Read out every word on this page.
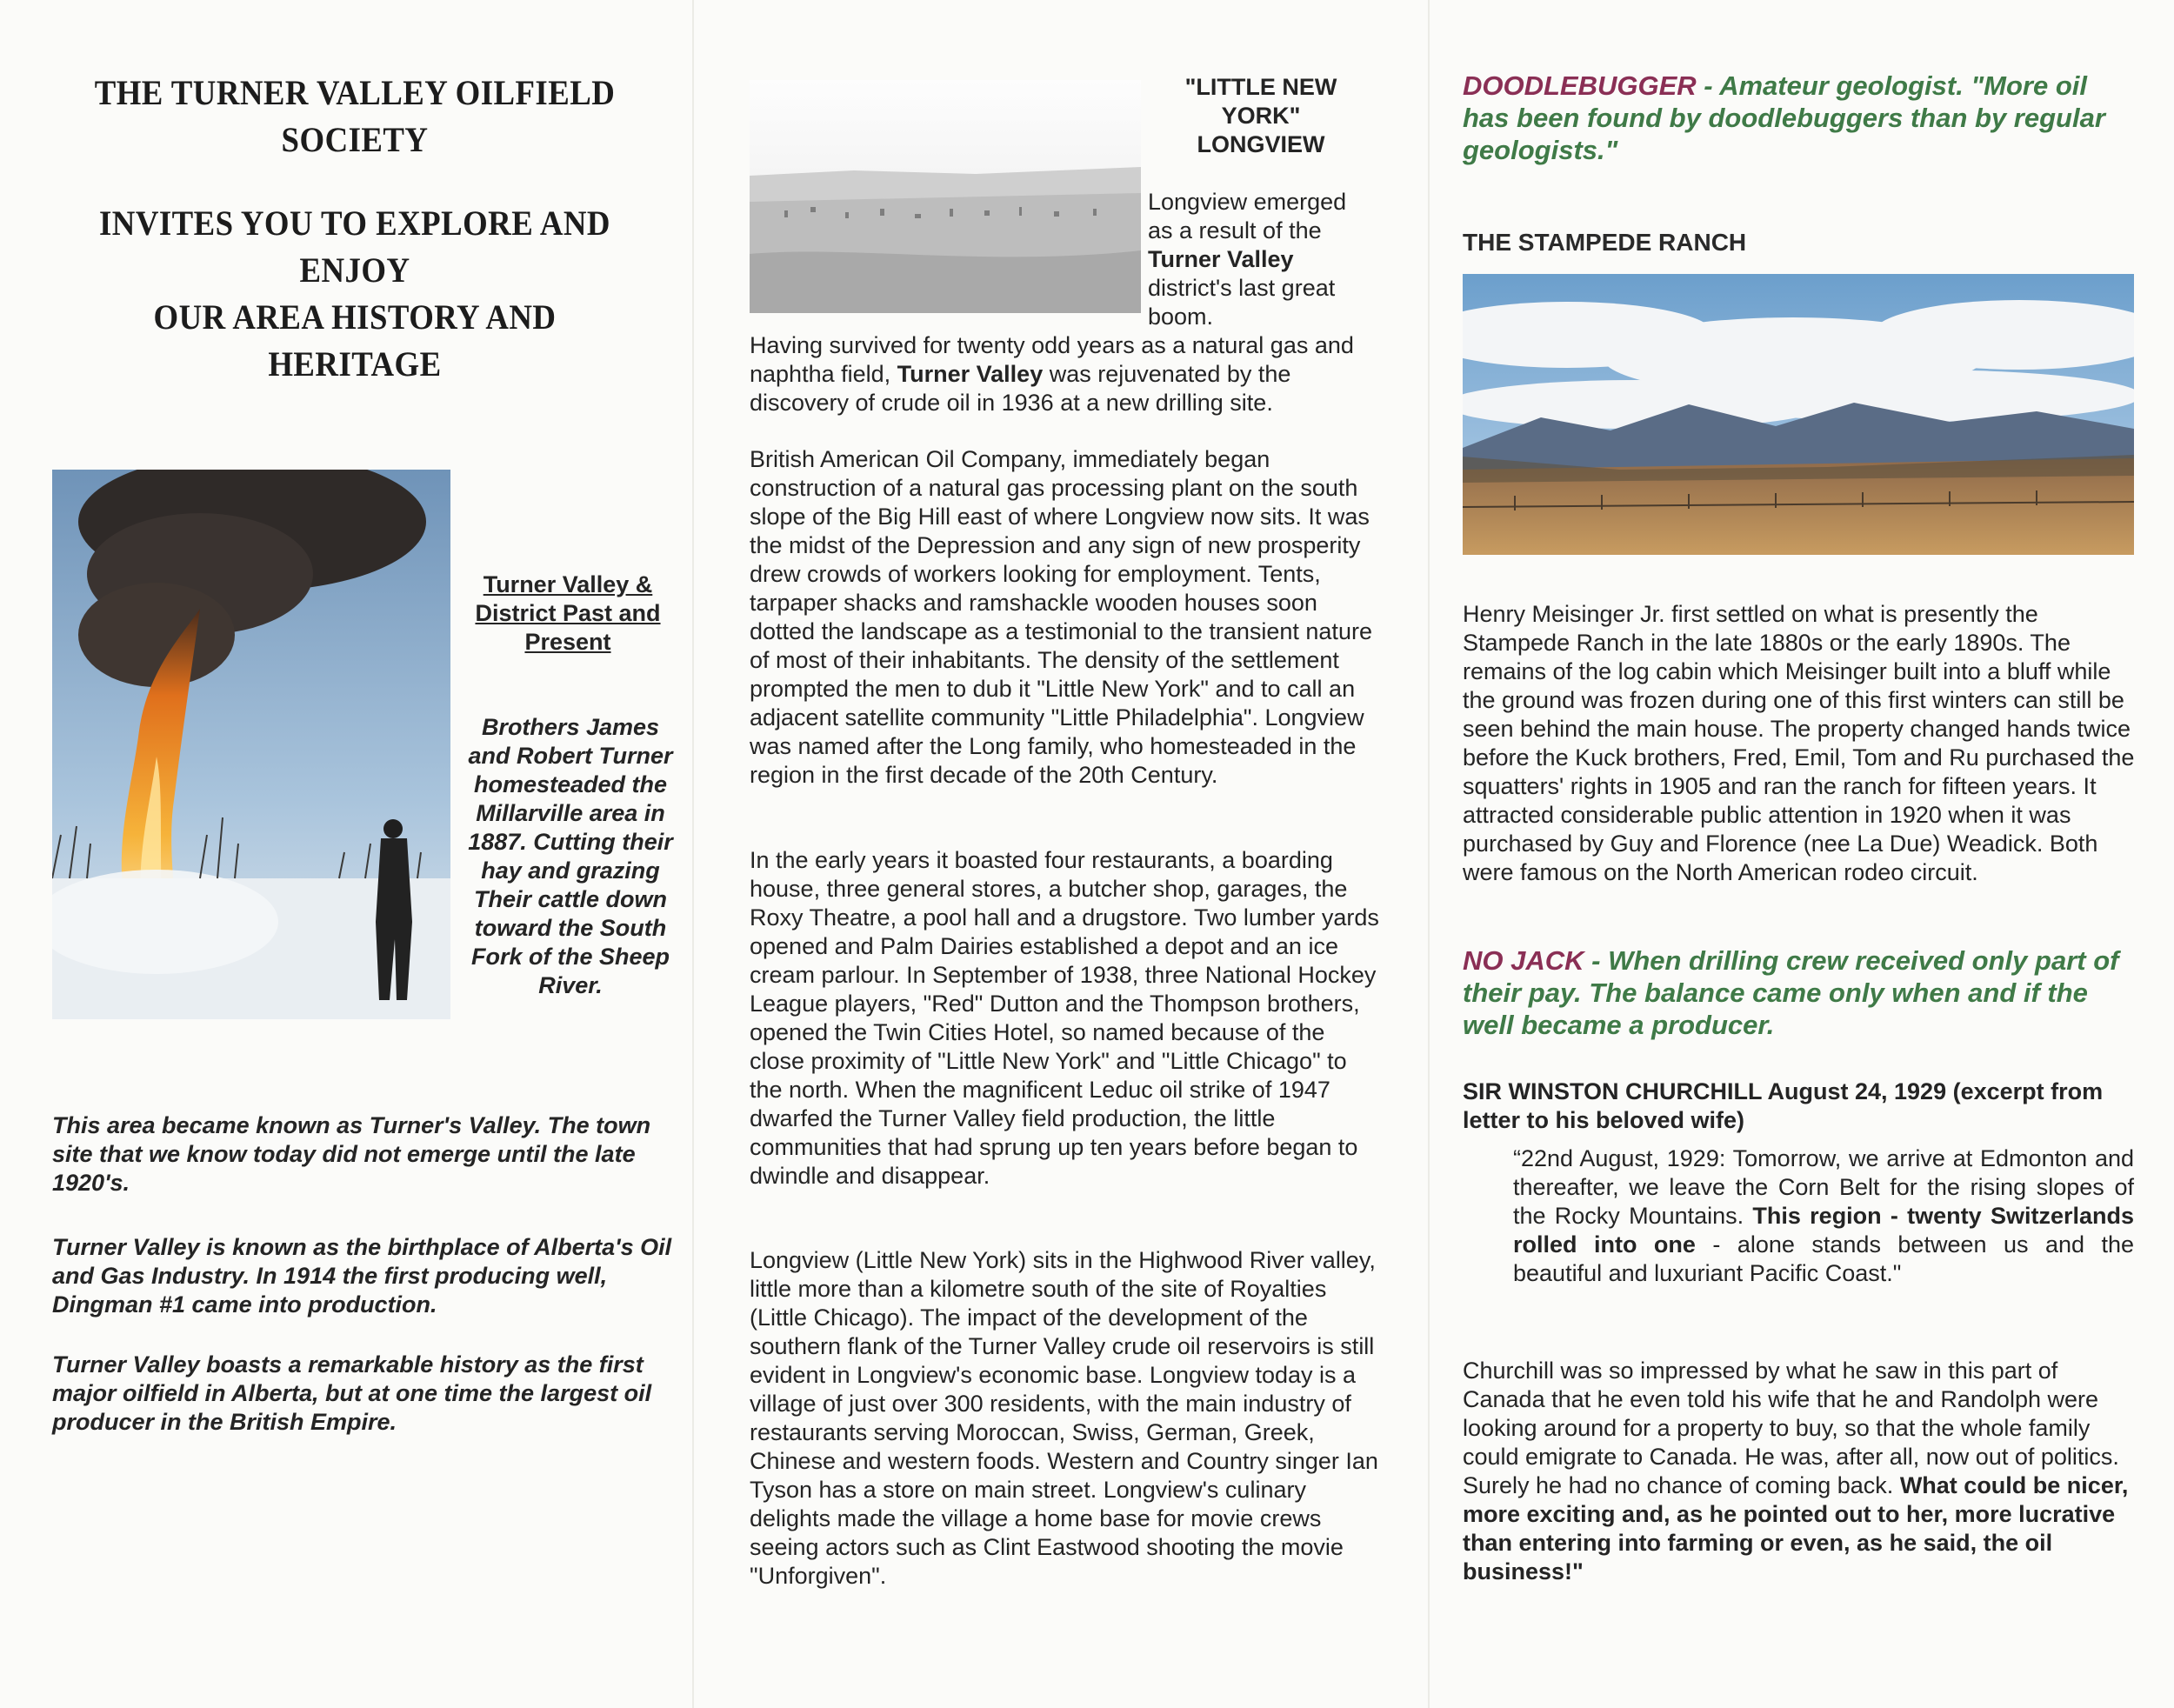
THE TURNER VALLEY OILFIELD
SOCIETY
INVITES YOU TO EXPLORE AND
ENJOY
OUR AREA HISTORY AND HERITAGE
Turner Valley &
District Past and
Present

Brothers James and Robert Turner homesteaded the Millarville area in 1887. Cutting their hay and grazing Their cattle down toward the South Fork of the Sheep River.

This area became known as Turner's Valley. The town site that we know today did not emerge until the late 1920's.

Turner Valley is known as the birthplace of Alberta's Oil and Gas Industry. In 1914 the first producing well, Dingman #1 came into production.

Turner Valley boasts a remarkable history as the first major oilfield in Alberta, but at one time the largest oil producer in the British Empire.

"LITTLE NEW
YORK"
LONGVIEW

Longview emerged as a result of the Turner Valley district's last great boom.

Having survived for twenty odd years as a natural gas and naphtha field, Turner Valley was rejuvenated by the discovery of crude oil in 1936 at a new drilling site.

British American Oil Company, immediately began construction of a natural gas processing plant on the south slope of the Big Hill east of where Longview now sits. It was the midst of the Depression and any sign of new prosperity drew crowds of workers looking for employment. Tents, tarpaper shacks and ramshackle wooden houses soon dotted the landscape as a testimonial to the transient nature of most of their inhabitants. The density of the settlement prompted the men to dub it "Little New York" and to call an adjacent satellite community "Little Philadelphia". Longview was named after the Long family, who homesteaded in the region in the first decade of the 20th Century.

In the early years it boasted four restaurants, a boarding house, three general stores, a butcher shop, garages, the Roxy Theatre, a pool hall and a drugstore. Two lumber yards opened and Palm Dairies established a depot and an ice cream parlour. In September of 1938, three National Hockey League players, "Red" Dutton and the Thompson brothers, opened the Twin Cities Hotel, so named because of the close proximity of "Little New York" and "Little Chicago" to the north. When the magnificent Leduc oil strike of 1947 dwarfed the Turner Valley field production, the little communities that had sprung up ten years before began to dwindle and disappear.

Longview (Little New York) sits in the Highwood River valley, little more than a kilometre south of the site of Royalties (Little Chicago). The impact of the development of the southern flank of the Turner Valley crude oil reservoirs is still evident in Longview's economic base. Longview today is a village of just over 300 residents, with the main industry of restaurants serving Moroccan, Swiss, German, Greek, Chinese and western foods. Western and Country singer Ian Tyson has a store on main street. Longview's culinary delights made the village a home base for movie crews seeing actors such as Clint Eastwood shooting the movie "Unforgiven".

DOODLEBUGGER - Amateur geologist. "More oil has been found by doodlebuggers than by regular geologists."

THE STAMPEDE RANCH

Henry Meisinger Jr. first settled on what is presently the Stampede Ranch in the late 1880s or the early 1890s. The remains of the log cabin which Meisinger built into a bluff while the ground was frozen during one of this first winters can still be seen behind the main house. The property changed hands twice before the Kuck brothers, Fred, Emil, Tom and Ru purchased the squatters' rights in 1905 and ran the ranch for fifteen years. It attracted considerable public attention in 1920 when it was purchased by Guy and Florence (nee La Due) Weadick. Both were famous on the North American rodeo circuit.

NO JACK - When drilling crew received only part of their pay. The balance came only when and if the well became a producer.

SIR WINSTON CHURCHILL August 24, 1929 (excerpt from letter to his beloved wife)

“22nd August, 1929: Tomorrow, we arrive at Edmonton and thereafter, we leave the Corn Belt for the rising slopes of the Rocky Mountains. This region - twenty Switzerlands rolled into one - alone stands between us and the beautiful and luxuriant Pacific Coast."

Churchill was so impressed by what he saw in this part of Canada that he even told his wife that he and Randolph were looking around for a property to buy, so that the whole family could emigrate to Canada. He was, after all, now out of politics. Surely he had no chance of coming back. What could be nicer, more exciting and, as he pointed out to her, more lucrative than entering into farming or even, as he said, the oil business!"
